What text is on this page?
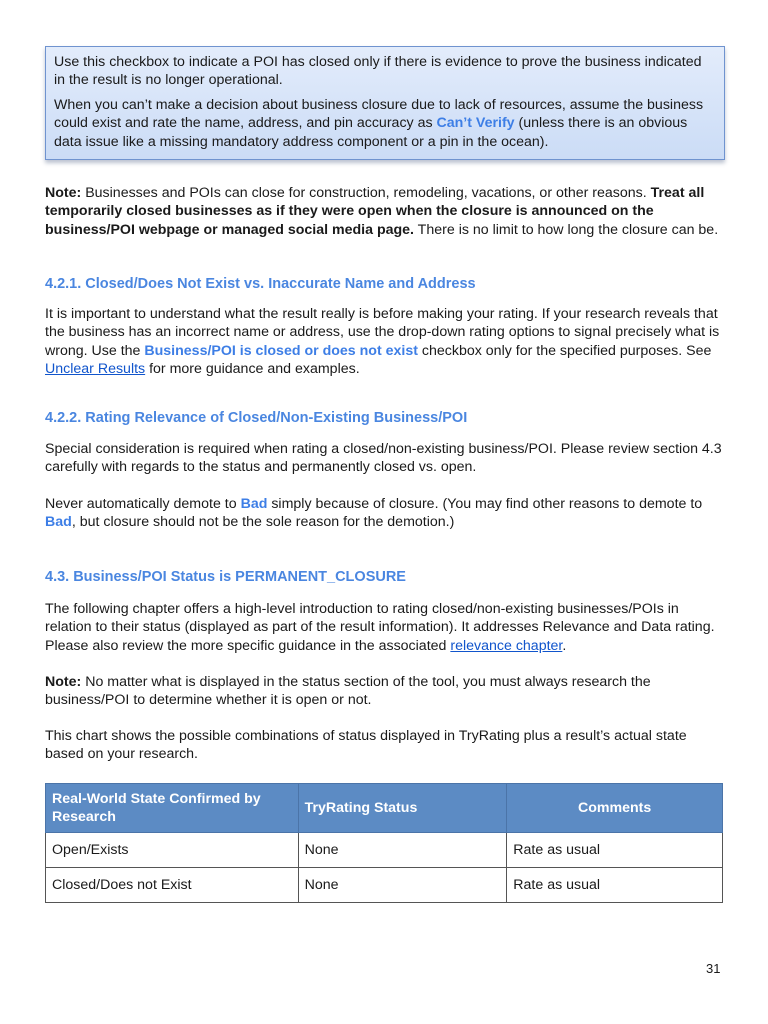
Use this checkbox to indicate a POI has closed only if there is evidence to prove the business indicated in the result is no longer operational.

When you can’t make a decision about business closure due to lack of resources, assume the business could exist and rate the name, address, and pin accuracy as Can’t Verify (unless there is an obvious data issue like a missing mandatory address component or a pin in the ocean).

Note: Businesses and POIs can close for construction, remodeling, vacations, or other reasons. Treat all temporarily closed businesses as if they were open when the closure is announced on the business/POI webpage or managed social media page. There is no limit to how long the closure can be.

4.2.1. Closed/Does Not Exist vs. Inaccurate Name and Address

It is important to understand what the result really is before making your rating. If your research reveals that the business has an incorrect name or address, use the drop-down rating options to signal precisely what is wrong. Use the Business/POI is closed or does not exist checkbox only for the specified purposes. See Unclear Results for more guidance and examples.

4.2.2. Rating Relevance of Closed/Non-Existing Business/POI

Special consideration is required when rating a closed/non-existing business/POI. Please review section 4.3 carefully with regards to the status and permanently closed vs. open.

Never automatically demote to Bad simply because of closure. (You may find other reasons to demote to Bad, but closure should not be the sole reason for the demotion.)

4.3. Business/POI Status is PERMANENT_CLOSURE

The following chapter offers a high-level introduction to rating closed/non-existing businesses/POIs in relation to their status (displayed as part of the result information). It addresses Relevance and Data rating. Please also review the more specific guidance in the associated relevance chapter.

Note: No matter what is displayed in the status section of the tool, you must always research the business/POI to determine whether it is open or not.

This chart shows the possible combinations of status displayed in TryRating plus a result’s actual state based on your research.

Real-World State Confirmed by Research	TryRating Status	Comments
Open/Exists	None	Rate as usual
Closed/Does not Exist	None	Rate as usual
31
